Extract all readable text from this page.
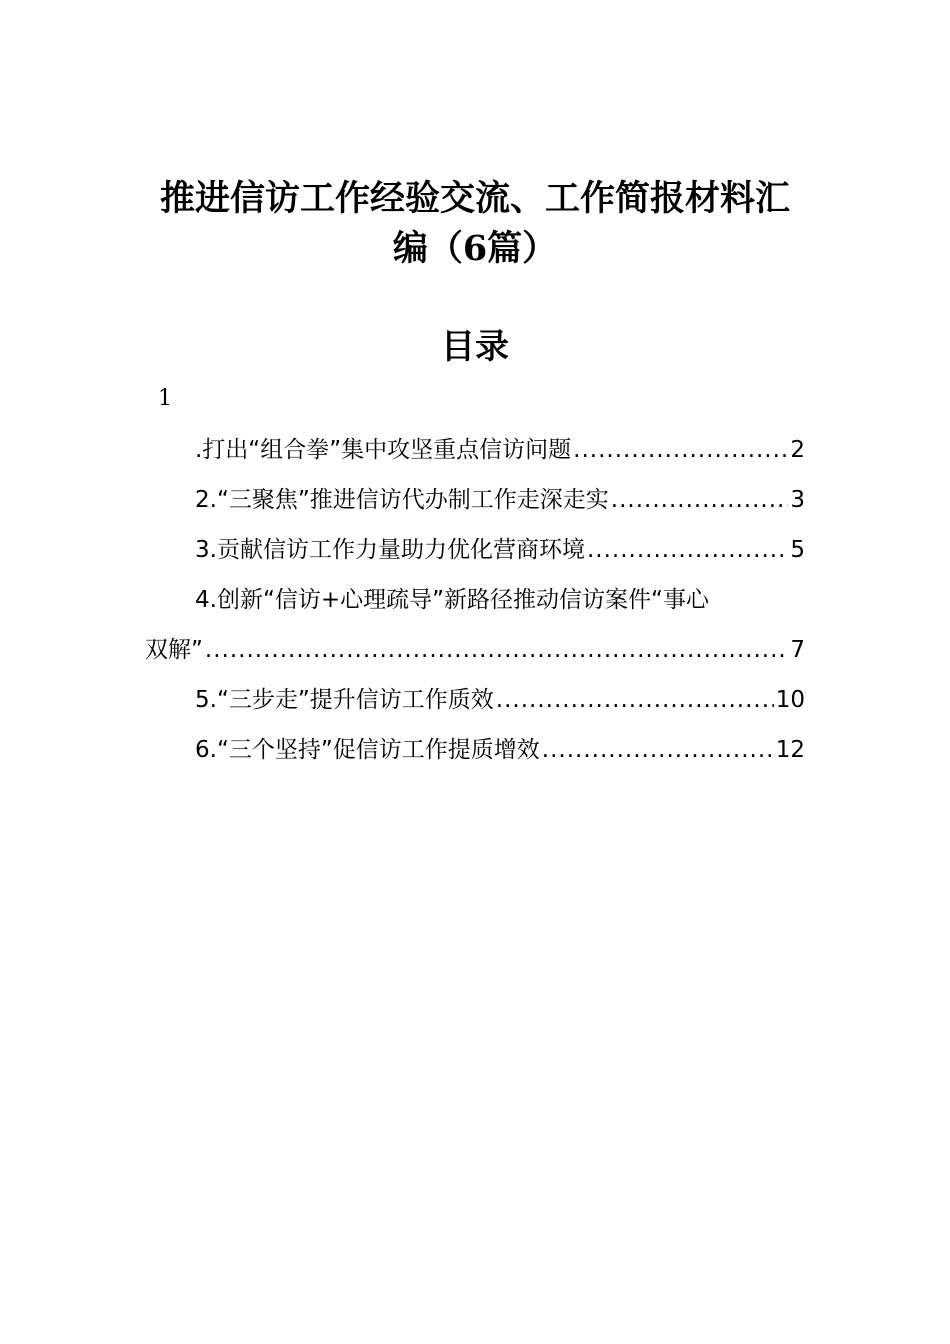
推进信访工作经验交流、工作简报材料汇
编（6篇）
目录
1
.打出“组合拳”集中攻坚重点信访问题 .....	2
2.“三聚焦”推进信访代办制工作走深走实 .....	3
3.贡献信访工作力量助力优化营商环境 .....	5
4.创新“信访+心理疏导”新路径推动信访案件“事心
双解” .....	7
5.“三步走”提升信访工作质效 .....	10
6.“三个坚持”促信访工作提质增效 .....	12
